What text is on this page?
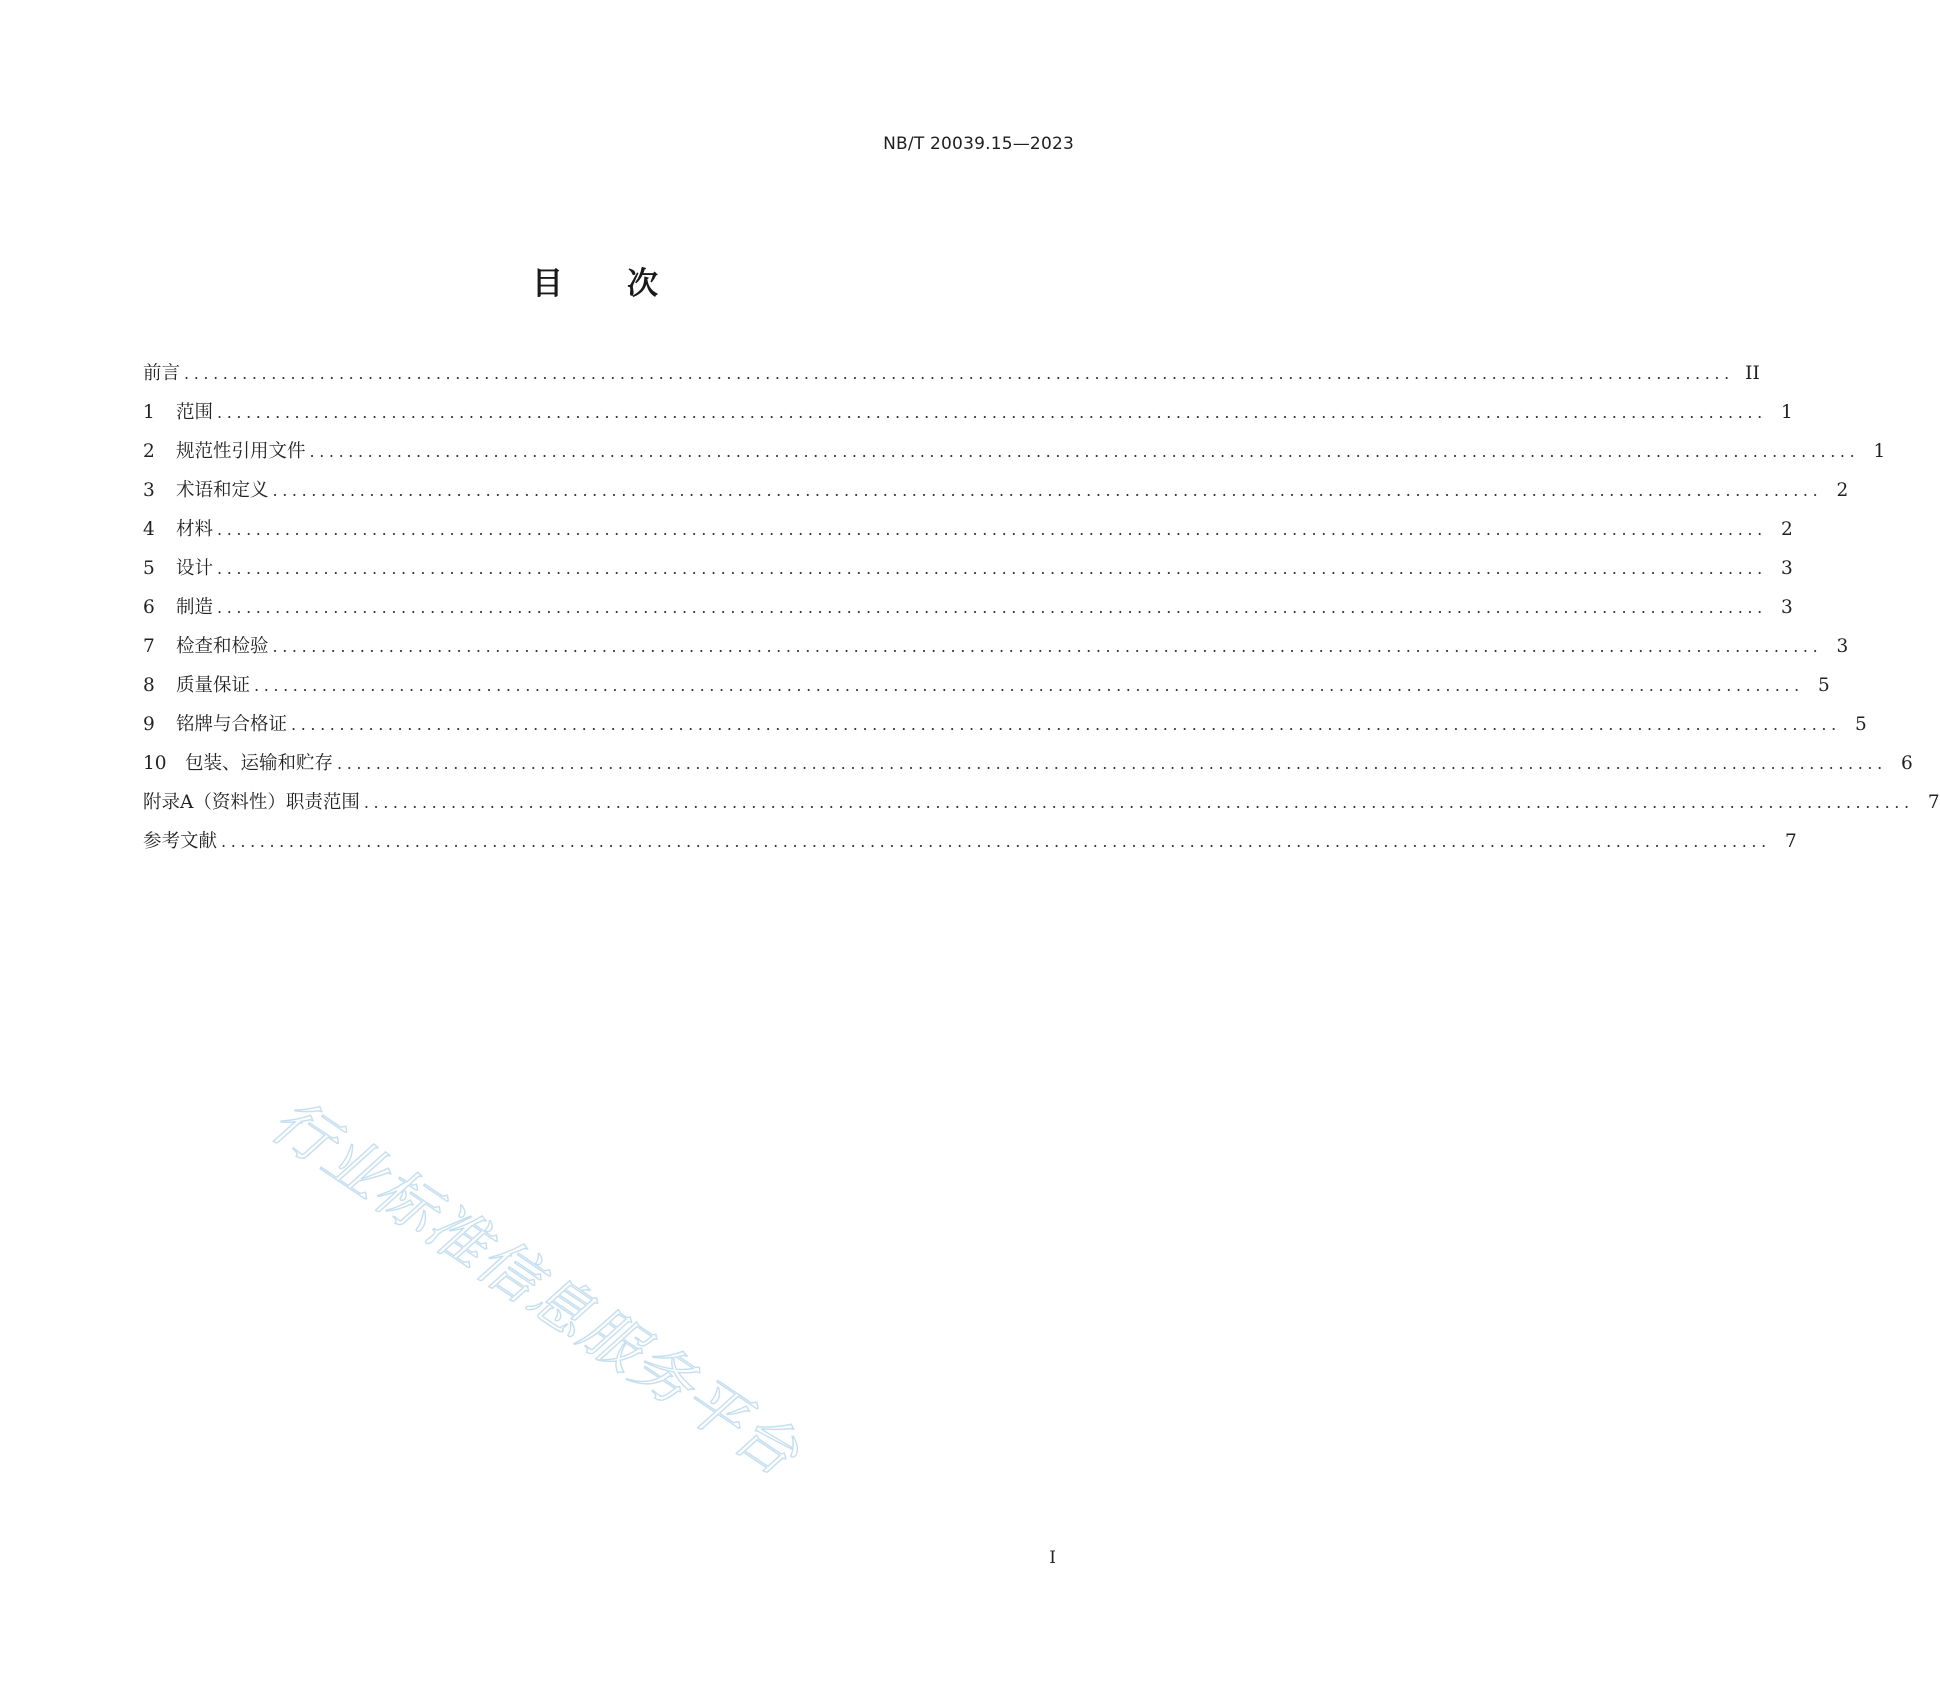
NB/T 20039.15—2023
目 次
前言 ................................................................................................................................................................ II
1	范围 ................................................................................................................................................................ 1
2	规范性引用文件 ................................................................................................................................................................ 1
3	术语和定义 ................................................................................................................................................................ 2
4	材料 ................................................................................................................................................................ 2
5	设计 ................................................................................................................................................................ 3
6	制造 ................................................................................................................................................................ 3
7	检查和检验 ................................................................................................................................................................ 3
8	质量保证 ................................................................................................................................................................ 5
9	铭牌与合格证 ................................................................................................................................................................ 5
10 包装、运输和贮存 ................................................................................................................................................................ 6
附录A（资料性）职责范围 ................................................................................................................................................................ 7
参考文献 ................................................................................................................................................................ 7
行业标准信息服务平台
I
